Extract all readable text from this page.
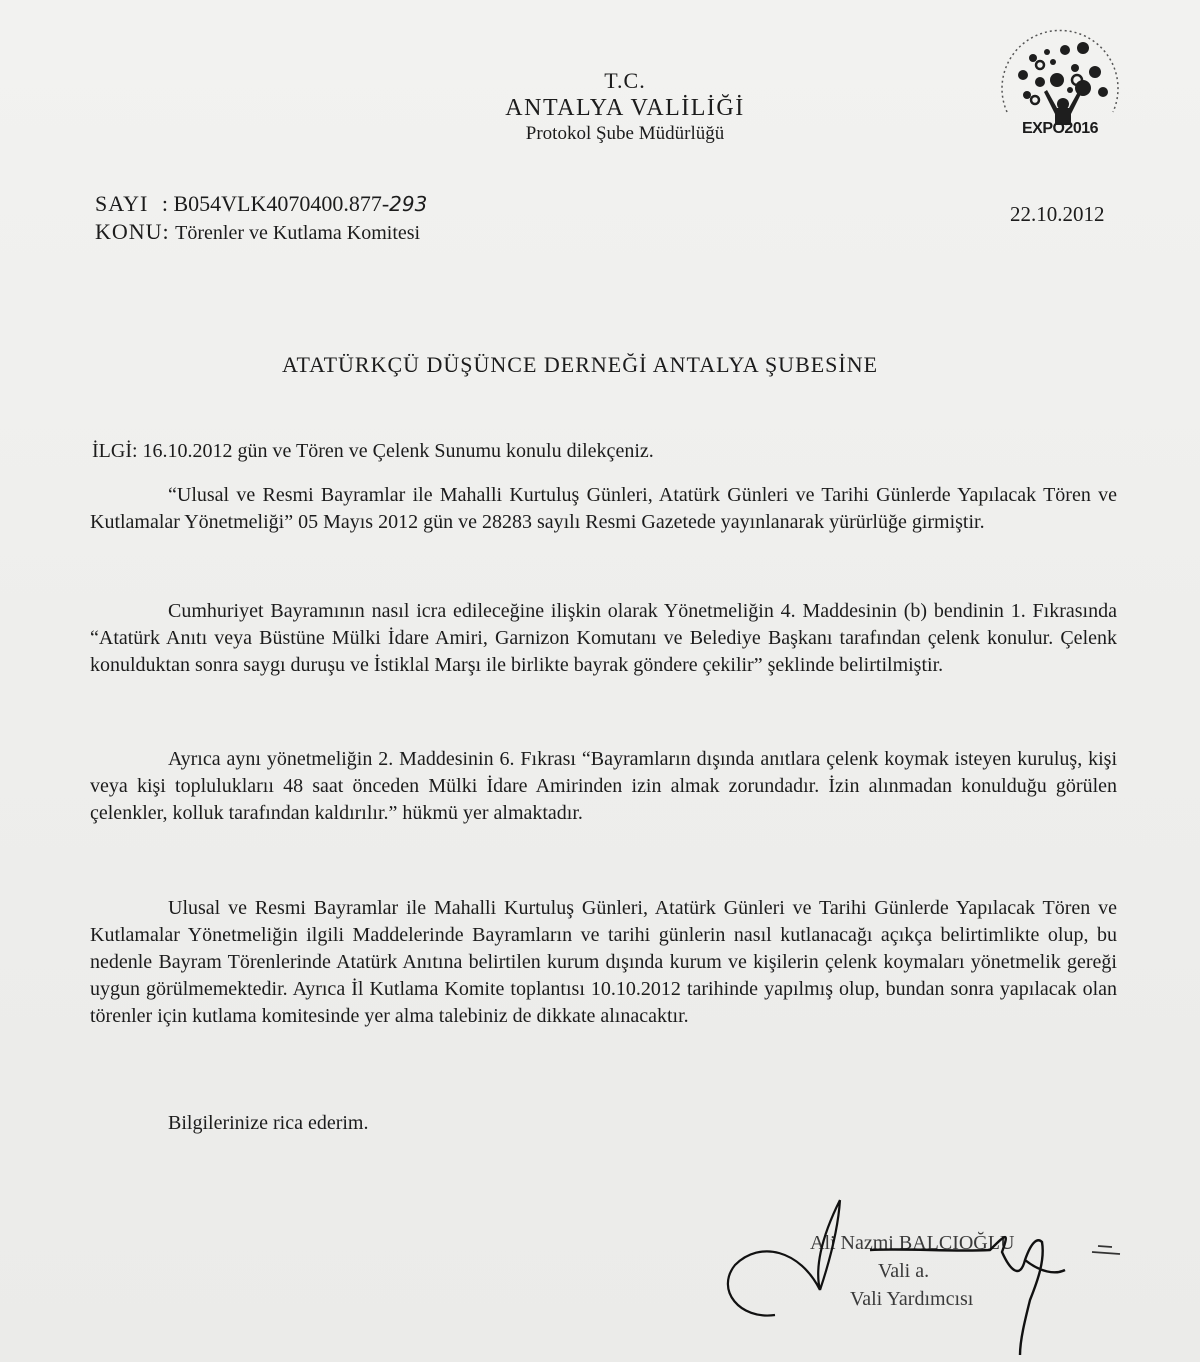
T.C.
ANTALYA VALİLİĞİ
Protokol Şube Müdürlüğü	EXPO2016
SAYI : B054VLK4070400.877-293
KONU: Törenler ve Kutlama Komitesi
22.10.2012
ATATÜRKÇÜ DÜŞÜNCE DERNEĞİ ANTALYA ŞUBESİNE
İLGİ: 16.10.2012 gün ve Tören ve Çelenk Sunumu konulu dilekçeniz.
“Ulusal ve Resmi Bayramlar ile Mahalli Kurtuluş Günleri, Atatürk Günleri ve Tarihi Günlerde Yapılacak Tören ve Kutlamalar Yönetmeliği” 05 Mayıs 2012 gün ve 28283 sayılı Resmi Gazetede yayınlanarak yürürlüğe girmiştir.
Cumhuriyet Bayramının nasıl icra edileceğine ilişkin olarak Yönetmeliğin 4. Maddesinin (b) bendinin 1. Fıkrasında “Atatürk Anıtı veya Büstüne Mülki İdare Amiri, Garnizon Komutanı ve Belediye Başkanı tarafından çelenk konulur. Çelenk konulduktan sonra saygı duruşu ve İstiklal Marşı ile birlikte bayrak göndere çekilir” şeklinde belirtilmiştir.
Ayrıca aynı yönetmeliğin 2. Maddesinin 6. Fıkrası “Bayramların dışında anıtlara çelenk koymak isteyen kuruluş, kişi veya kişi topluluklarıı 48 saat önceden Mülki İdare Amirinden izin almak zorundadır. İzin alınmadan konulduğu görülen çelenkler, kolluk tarafından kaldırılır.” hükmü yer almaktadır.
Ulusal ve Resmi Bayramlar ile Mahalli Kurtuluş Günleri, Atatürk Günleri ve Tarihi Günlerde Yapılacak Tören ve Kutlamalar Yönetmeliğin ilgili Maddelerinde Bayramların ve tarihi günlerin nasıl kutlanacağı açıkça belirtimlikte olup, bu nedenle Bayram Törenlerinde Atatürk Anıtına belirtilen kurum dışında kurum ve kişilerin çelenk koymaları yönetmelik gereği uygun görülmemektedir. Ayrıca İl Kutlama Komite toplantısı 10.10.2012 tarihinde yapılmış olup, bundan sonra yapılacak olan törenler için kutlama komitesinde yer alma talebiniz de dikkate alınacaktır.
Bilgilerinize rica ederim.
Ali Nazmi BALCIOĞLU
Vali a.
Vali Yardımcısı
